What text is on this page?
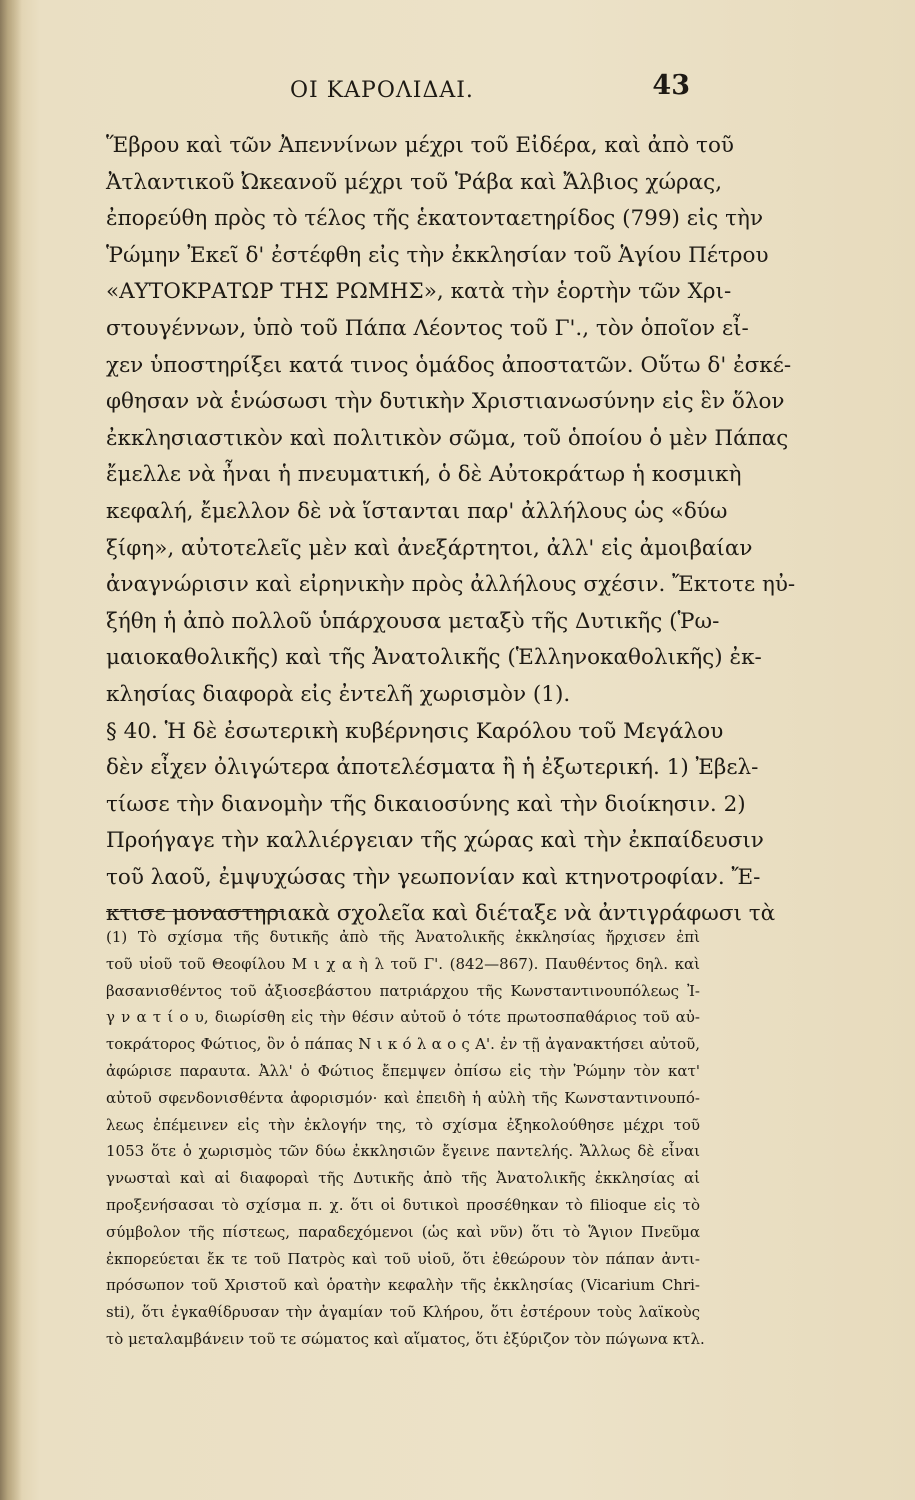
ΟΙ ΚΑΡΟΛΙΔΑΙ.	43
Ἕβρου καὶ τῶν Ἀπεννίνων μέχρι τοῦ Εἰδέρα, καὶ ἀπὸ τοῦ
Ἀτλαντικοῦ Ὠκεανοῦ μέχρι τοῦ Ῥάβα καὶ Ἄλβιος χώρας,
ἐπορεύθη πρὸς τὸ τέλος τῆς ἑκατονταετηρίδος (799) εἰς τὴν
Ῥώμην Ἐκεῖ δ' ἐστέφθη εἰς τὴν ἐκκλησίαν τοῦ Ἁγίου Πέτρου
«ΑΥΤΟΚΡΑΤΩΡ ΤΗΣ ΡΩΜΗΣ», κατὰ τὴν ἑορτὴν τῶν Χρι-
στουγέννων, ὑπὸ τοῦ Πάπα Λέοντος τοῦ Γ'., τὸν ὁποῖον εἶ-
χεν ὑποστηρίξει κατά τινος ὁμάδος ἀποστατῶν. Οὕτω δ' ἐσκέ-
φθησαν νὰ ἑνώσωσι τὴν δυτικὴν Χριστιανωσύνην εἰς ἓν ὅλον
ἐκκλησιαστικὸν καὶ πολιτικὸν σῶμα, τοῦ ὁποίου ὁ μὲν Πάπας
ἔμελλε νὰ ἦναι ἡ πνευματική, ὁ δὲ Αὐτοκράτωρ ἡ κοσμικὴ
κεφαλή, ἔμελλον δὲ νὰ ἵστανται παρ' ἀλλήλους ὡς «δύω
ξίφη», αὐτοτελεῖς μὲν καὶ ἀνεξάρτητοι, ἀλλ' εἰς ἀμοιβαίαν
ἀναγνώρισιν καὶ εἰρηνικὴν πρὸς ἀλλήλους σχέσιν. Ἔκτοτε ηὐ-
ξήθη ἡ ἀπὸ πολλοῦ ὑπάρχουσα μεταξὺ τῆς Δυτικῆς (Ῥω-
μαιοκαθολικῆς) καὶ τῆς Ἀνατολικῆς (Ἑλληνοκαθολικῆς) ἐκ-
κλησίας διαφορὰ εἰς ἐντελῆ χωρισμὸν (1).
§ 40. Ἡ δὲ ἐσωτερικὴ κυβέρνησις Καρόλου τοῦ Μεγάλου
δὲν εἶχεν ὀλιγώτερα ἀποτελέσματα ἢ ἡ ἐξωτερική. 1) Ἐβελ-
τίωσε τὴν διανομὴν τῆς δικαιοσύνης καὶ τὴν διοίκησιν. 2)
Προήγαγε τὴν καλλιέργειαν τῆς χώρας καὶ τὴν ἐκπαίδευσιν
τοῦ λαοῦ, ἐμψυχώσας τὴν γεωπονίαν καὶ κτηνοτροφίαν. Ἔ-
κτισε μοναστηριακὰ σχολεῖα καὶ διέταξε νὰ ἀντιγράφωσι τὰ
(1) Τὸ σχίσμα τῆς δυτικῆς ἀπὸ τῆς Ἀνατολικῆς ἐκκλησίας ἤρχισεν ἐπὶ
τοῦ υἱοῦ τοῦ Θεοφίλου Μ ι χ α ὴ λ τοῦ Γ'. (842—867). Παυθέντος δηλ. καὶ
βασανισθέντος τοῦ ἀξιοσεβάστου πατριάρχου τῆς Κωνσταντινουπόλεως Ἰ-
γ ν α τ ί ο υ, διωρίσθη εἰς τὴν θέσιν αὐτοῦ ὁ τότε πρωτοσπαθάριος τοῦ αὐ-
τοκράτορος Φώτιος, ὃν ὁ πάπας Ν ι κ ό λ α ο ς Α'. ἐν τῇ ἀγανακτήσει αὐτοῦ,
ἀφώρισε παραυτα. Ἀλλ' ὁ Φώτιος ἔπεμψεν ὀπίσω εἰς τὴν Ῥώμην τὸν κατ'
αὐτοῦ σφενδονισθέντα ἀφορισμόν· καὶ ἐπειδὴ ἡ αὐλὴ τῆς Κωνσταντινουπό-
λεως ἐπέμεινεν εἰς τὴν ἐκλογήν της, τὸ σχίσμα ἐξηκολούθησε μέχρι τοῦ
1053 ὅτε ὁ χωρισμὸς τῶν δύω ἐκκλησιῶν ἔγεινε παντελής. Ἄλλως δὲ εἶναι
γνωσταὶ καὶ αἱ διαφοραὶ τῆς Δυτικῆς ἀπὸ τῆς Ἀνατολικῆς ἐκκλησίας αἱ
προξενήσασαι τὸ σχίσμα π. χ. ὅτι οἱ δυτικοὶ προσέθηκαν τὸ filioque εἰς τὸ
σύμβολον τῆς πίστεως, παραδεχόμενοι (ὡς καὶ νῦν) ὅτι τὸ Ἅγιον Πνεῦμα
ἐκπορεύεται ἔκ τε τοῦ Πατρὸς καὶ τοῦ υἱοῦ, ὅτι ἐθεώρουν τὸν πάπαν ἀντι-
πρόσωπον τοῦ Χριστοῦ καὶ ὁρατὴν κεφαλὴν τῆς ἐκκλησίας (Vicarium Chri-
sti), ὅτι ἐγκαθίδρυσαν τὴν ἀγαμίαν τοῦ Κλήρου, ὅτι ἐστέρουν τοὺς λαϊκοὺς
τὸ μεταλαμβάνειν τοῦ τε σώματος καὶ αἵματος, ὅτι ἐξύριζον τὸν πώγωνα κτλ.
